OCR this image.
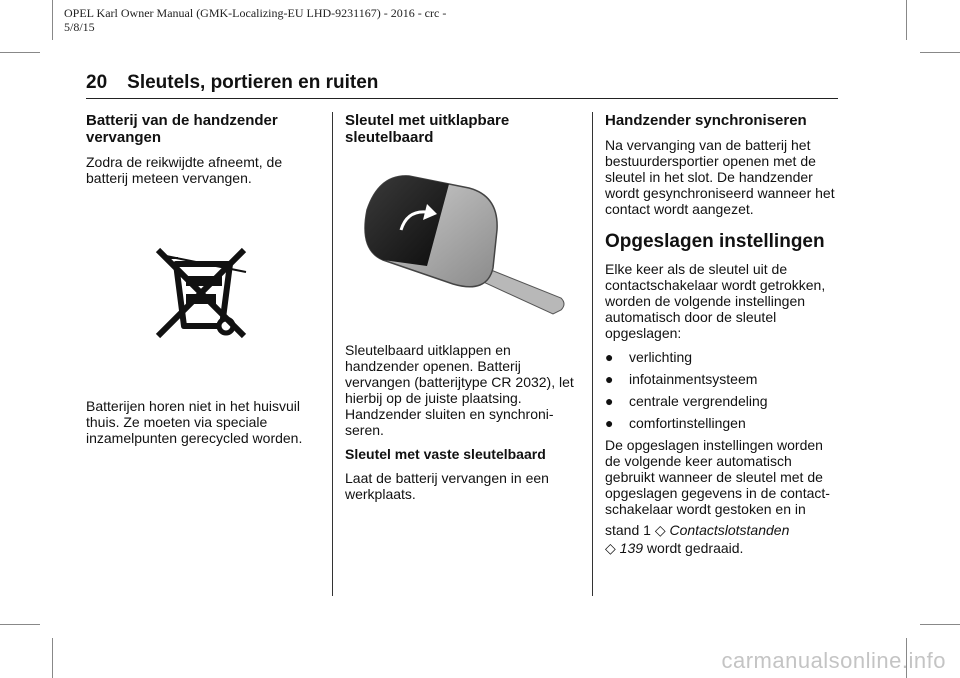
OPEL Karl Owner Manual (GMK-Localizing-EU LHD-9231167) - 2016 - crc -
5/8/15
20 Sleutels, portieren en ruiten
Batterij van de handzender vervangen

Zodra de reikwijdte afneemt, de batterij meteen vervangen.

Batterijen horen niet in het huisvuil thuis. Ze moeten via speciale inzamelpunten gerecycled worden.

Sleutel met uitklapbare sleutelbaard

Sleutelbaard uitklappen en handzender openen. Batterij vervangen (batterijtype CR 2032), let hierbij op de juiste plaatsing. Handzender sluiten en synchroniseren.

Sleutel met vaste sleutelbaard

Laat de batterij vervangen in een werkplaats.

Handzender synchroniseren

Na vervanging van de batterij het bestuurdersportier openen met de sleutel in het slot. De handzender wordt gesynchroniseerd wanneer het contact wordt aangezet.

Opgeslagen instellingen

Elke keer als de sleutel uit de contactschakelaar wordt getrokken, worden de volgende instellingen automatisch door de sleutel opgeslagen:

●	verlichting
●	infotainmentsysteem
●	centrale vergrendeling
●	comfortinstellingen

De opgeslagen instellingen worden de volgende keer automatisch gebruikt wanneer de sleutel met de opgeslagen gegevens in de contact-schakelaar wordt gestoken en in

stand 1 ◇ Contactslotstanden
◇ 139 wordt gedraaid.
carmanualsonline.info
